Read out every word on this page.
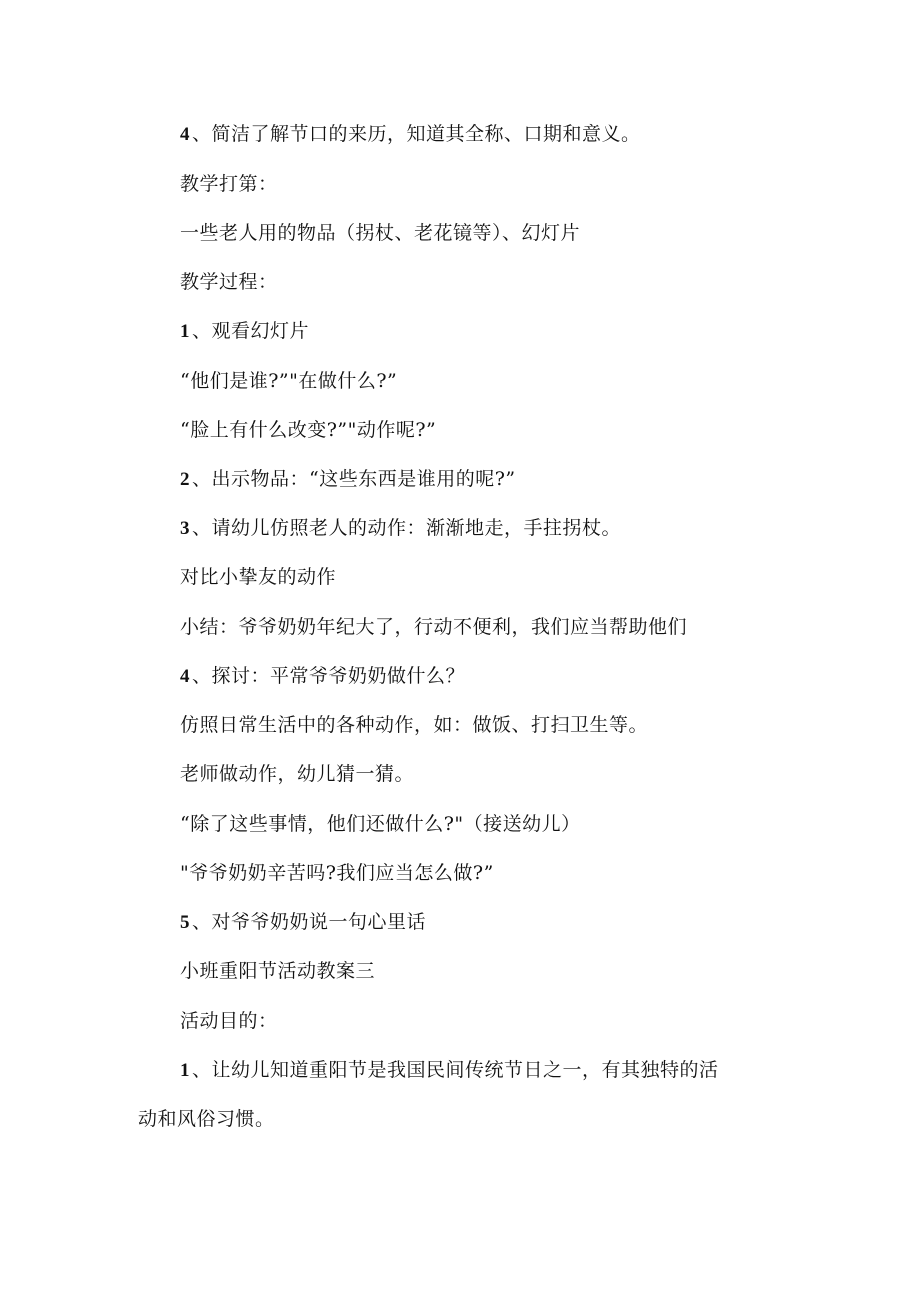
4 、简洁了解节口的来历，知道其全称、口期和意义。

教学打第：

一些老人用的物品（拐杖、老花镜等）、幻灯片

教学过程：

1 、观看幻灯片

“他们是谁?”"在做什么?”

“脸上有什么改变?”"动作呢?”

2 、出示物品：“这些东西是谁用的呢?”

3 、请幼儿仿照老人的动作：渐渐地走，手拄拐杖。

对比小挚友的动作

小结：爷爷奶奶年纪大了，行动不便利，我们应当帮助他们

4 、探讨：平常爷爷奶奶做什么？

仿照日常生活中的各种动作，如：做饭、打扫卫生等。

老师做动作，幼儿猜一猜。

“除了这些事情，他们还做什么?"（接送幼儿）

"爷爷奶奶辛苦吗?我们应当怎么做?”

5 、对爷爷奶奶说一句心里话

小班重阳节活动教案三

活动目的：

1 、让幼儿知道重阳节是我国民间传统节日之一，有其独特的活

动和风俗习惯。
